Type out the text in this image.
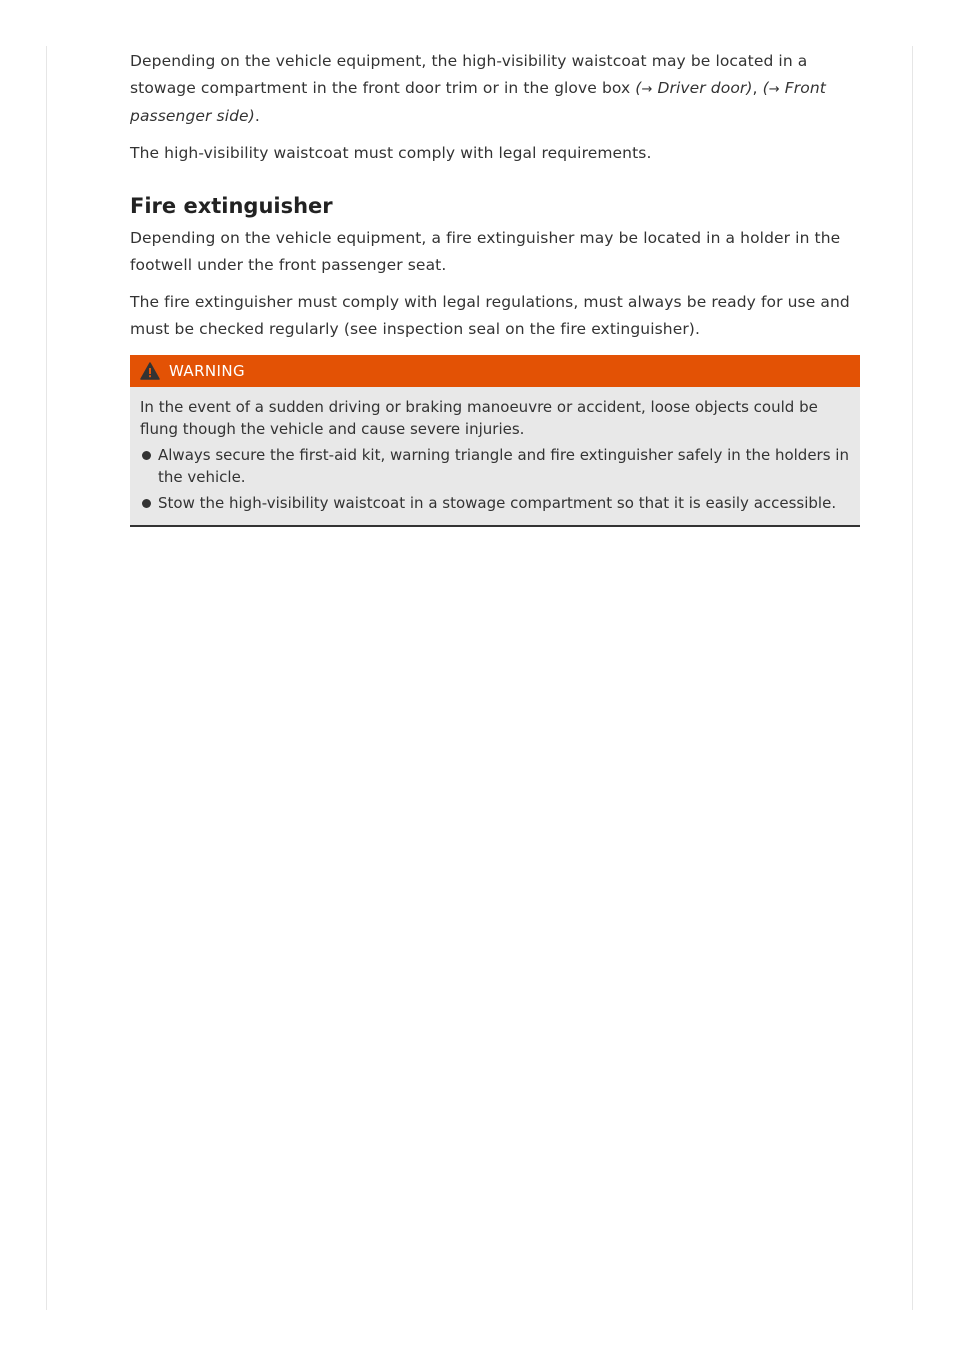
Depending on the vehicle equipment, the high-visibility waistcoat may be located in a stowage compartment in the front door trim or in the glove box (→ Driver door), (→ Front passenger side).

The high-visibility waistcoat must comply with legal requirements.

Fire extinguisher

Depending on the vehicle equipment, a fire extinguisher may be located in a holder in the footwell under the front passenger seat.

The fire extinguisher must comply with legal regulations, must always be ready for use and must be checked regularly (see inspection seal on the fire extinguisher).

WARNING

In the event of a sudden driving or braking manoeuvre or accident, loose objects could be flung though the vehicle and cause severe injuries.

Always secure the first-aid kit, warning triangle and fire extinguisher safely in the holders in the vehicle.
Stow the high-visibility waistcoat in a stowage compartment so that it is easily accessible.
